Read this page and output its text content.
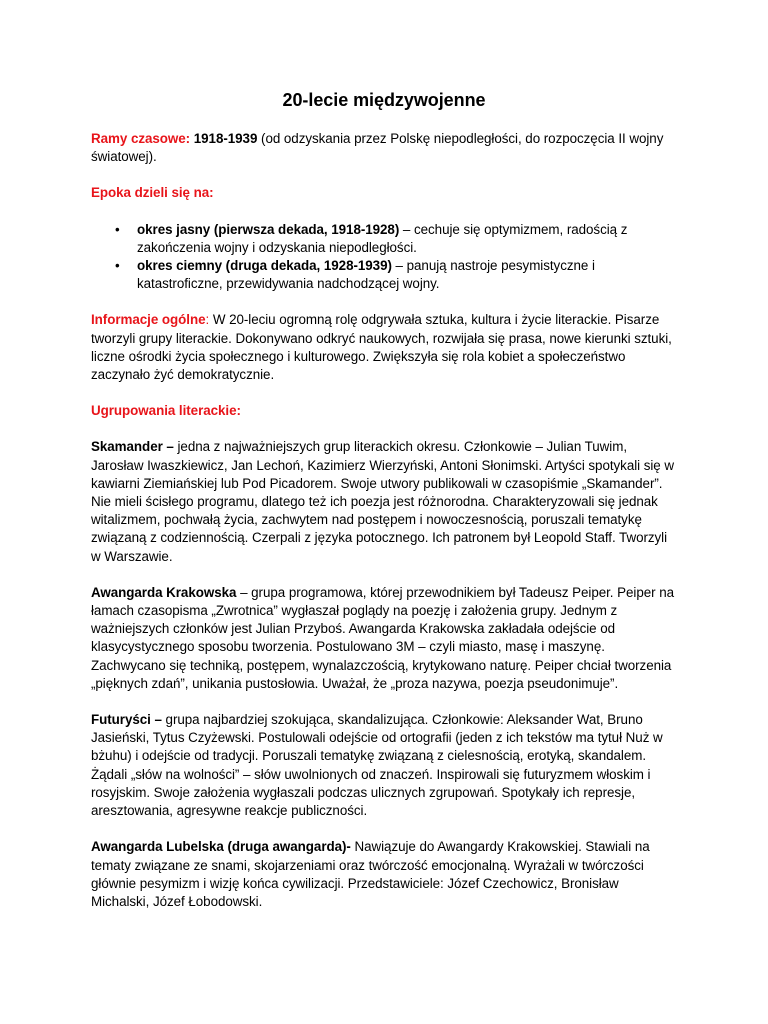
20-lecie międzywojenne

Ramy czasowe: 1918-1939 (od odzyskania przez Polskę niepodległości, do rozpoczęcia II wojny światowej).

Epoka dzieli się na:

• okres jasny (pierwsza dekada, 1918-1928) – cechuje się optymizmem, radością z zakończenia wojny i odzyskania niepodległości.
• okres ciemny (druga dekada, 1928-1939) – panują nastroje pesymistyczne i katastroficzne, przewidywania nadchodzącej wojny.

Informacje ogólne: W 20-leciu ogromną rolę odgrywała sztuka, kultura i życie literackie. Pisarze tworzyli grupy literackie. Dokonywano odkryć naukowych, rozwijała się prasa, nowe kierunki sztuki, liczne ośrodki życia społecznego i kulturowego. Zwiększyła się rola kobiet a społeczeństwo zaczynało żyć demokratycznie.

Ugrupowania literackie:

Skamander – jedna z najważniejszych grup literackich okresu. Członkowie – Julian Tuwim, Jarosław Iwaszkiewicz, Jan Lechoń, Kazimierz Wierzyński, Antoni Słonimski. Artyści spotykali się w kawiarni Ziemiańskiej lub Pod Picadorem. Swoje utwory publikowali w czasopiśmie „Skamander”. Nie mieli ścisłego programu, dlatego też ich poezja jest różnorodna. Charakteryzowali się jednak witalizmem, pochwałą życia, zachwytem nad postępem i nowoczesnością, poruszali tematykę związaną z codziennością. Czerpali z języka potocznego. Ich patronem był Leopold Staff. Tworzyli w Warszawie.

Awangarda Krakowska – grupa programowa, której przewodnikiem był Tadeusz Peiper. Peiper na łamach czasopisma „Zwrotnica” wygłaszał poglądy na poezję i założenia grupy. Jednym z ważniejszych członków jest Julian Przyboś. Awangarda Krakowska zakładała odejście od klasycystycznego sposobu tworzenia. Postulowano 3M – czyli miasto, masę i maszynę. Zachwycano się techniką, postępem, wynalazczością, krytykowano naturę. Peiper chciał tworzenia „pięknych zdań”, unikania pustosłowia. Uważał, że „proza nazywa, poezja pseudonimuje”.

Futuryści – grupa najbardziej szokująca, skandalizująca. Członkowie: Aleksander Wat, Bruno Jasieński, Tytus Czyżewski. Postulowali odejście od ortografii (jeden z ich tekstów ma tytuł Nuż w bżuhu) i odejście od tradycji. Poruszali tematykę związaną z cielesnością, erotyką, skandalem. Żądali „słów na wolności” – słów uwolnionych od znaczeń. Inspirowali się futuryzmem włoskim i rosyjskim. Swoje założenia wygłaszali podczas ulicznych zgrupowań. Spotykały ich represje, aresztowania, agresywne reakcje publiczności.

Awangarda Lubelska (druga awangarda)- Nawiązuje do Awangardy Krakowskiej. Stawiali na tematy związane ze snami, skojarzeniami oraz twórczość emocjonalną. Wyrażali w twórczości głównie pesymizm i wizję końca cywilizacji. Przedstawiciele: Józef Czechowicz, Bronisław Michalski, Józef Łobodowski.
